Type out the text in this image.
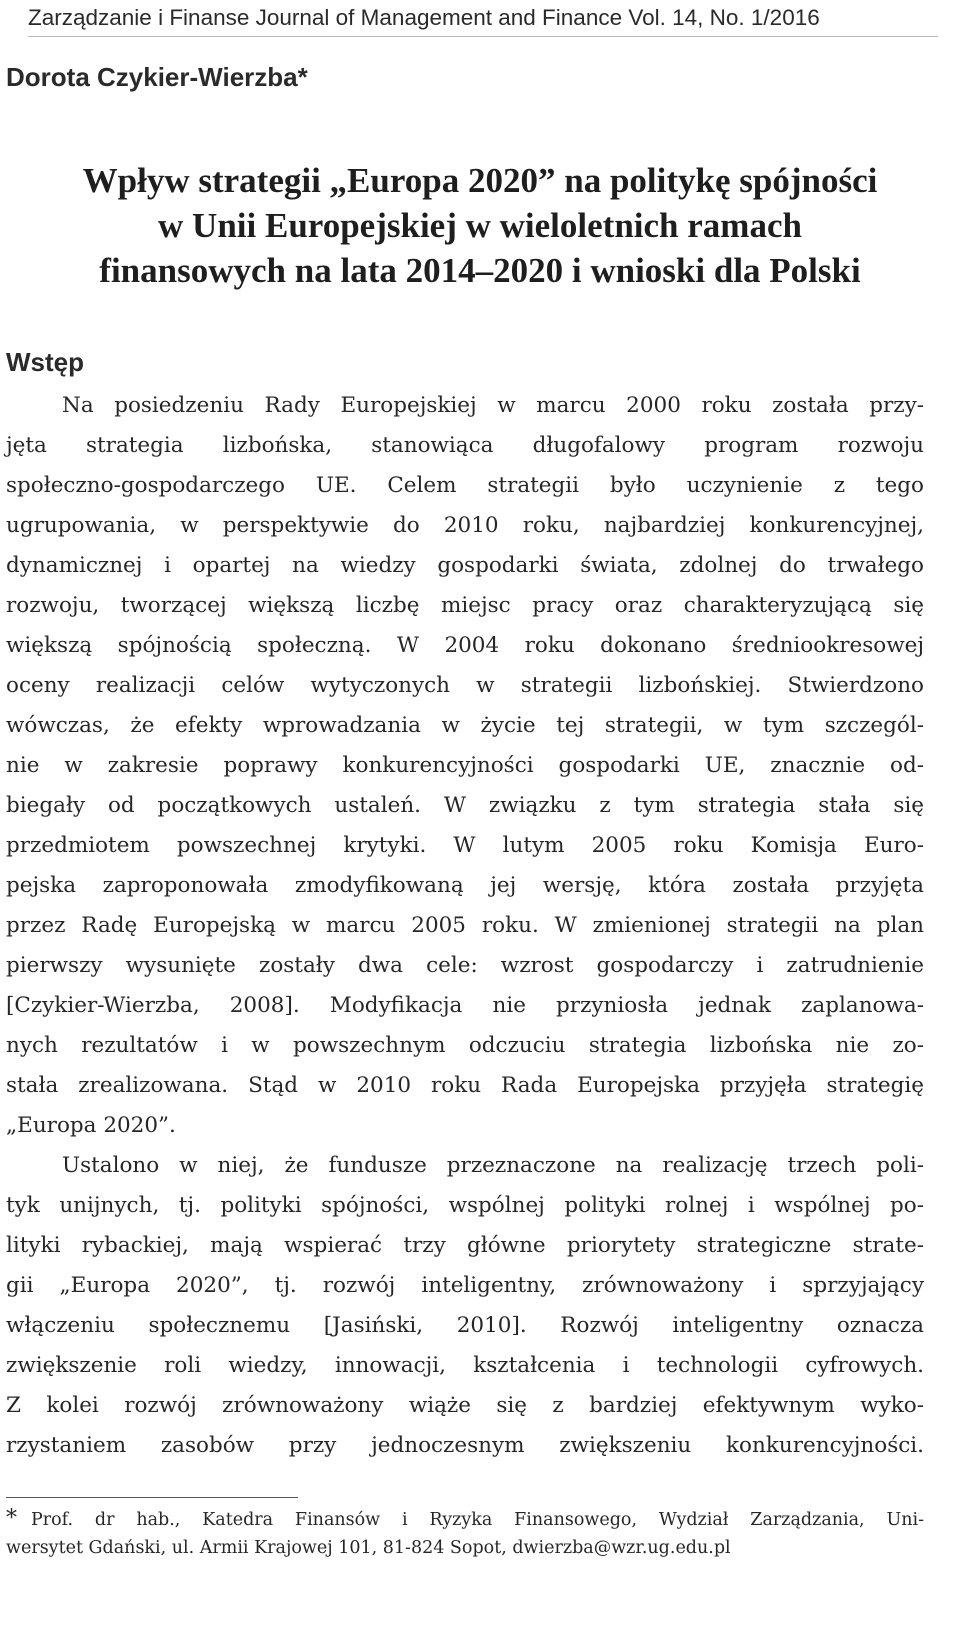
Zarządzanie i Finanse Journal of Management and Finance Vol. 14, No. 1/2016
Dorota Czykier-Wierzba*
Wpływ strategii „Europa 2020” na politykę spójności
w Unii Europejskiej w wieloletnich ramach
finansowych na lata 2014–2020 i wnioski dla Polski
Wstęp
Na posiedzeniu Rady Europejskiej w marcu 2000 roku została przy-
jęta strategia lizbońska, stanowiąca długofalowy program rozwoju
społeczno-gospodarczego UE. Celem strategii było uczynienie z tego
ugrupowania, w perspektywie do 2010 roku, najbardziej konkurencyjnej,
dynamicznej i opartej na wiedzy gospodarki świata, zdolnej do trwałego
rozwoju, tworzącej większą liczbę miejsc pracy oraz charakteryzującą się
większą spójnością społeczną. W 2004 roku dokonano średniookresowej
oceny realizacji celów wytyczonych w strategii lizbońskiej. Stwierdzono
wówczas, że efekty wprowadzania w życie tej strategii, w tym szczegól-
nie w zakresie poprawy konkurencyjności gospodarki UE, znacznie od-
biegały od początkowych ustaleń. W związku z tym strategia stała się
przedmiotem powszechnej krytyki. W lutym 2005 roku Komisja Euro-
pejska zaproponowała zmodyfikowaną jej wersję, która została przyjęta
przez Radę Europejską w marcu 2005 roku. W zmienionej strategii na plan
pierwszy wysunięte zostały dwa cele: wzrost gospodarczy i zatrudnienie
[Czykier-Wierzba, 2008]. Modyfikacja nie przyniosła jednak zaplanowa-
nych rezultatów i w powszechnym odczuciu strategia lizbońska nie zo-
stała zrealizowana. Stąd w 2010 roku Rada Europejska przyjęła strategię
„Europa 2020”.
Ustalono w niej, że fundusze przeznaczone na realizację trzech poli-
tyk unijnych, tj. polityki spójności, wspólnej polityki rolnej i wspólnej po-
lityki rybackiej, mają wspierać trzy główne priorytety strategiczne strate-
gii „Europa 2020”, tj. rozwój inteligentny, zrównoważony i sprzyjający
włączeniu społecznemu [Jasiński, 2010]. Rozwój inteligentny oznacza
zwiększenie roli wiedzy, innowacji, kształcenia i technologii cyfrowych.
Z kolei rozwój zrównoważony wiąże się z bardziej efektywnym wyko-
rzystaniem zasobów przy jednoczesnym zwiększeniu konkurencyjności.
* Prof. dr hab., Katedra Finansów i Ryzyka Finansowego, Wydział Zarządzania, Uni-
wersytet Gdański, ul. Armii Krajowej 101, 81-824 Sopot, dwierzba@wzr.ug.edu.pl
